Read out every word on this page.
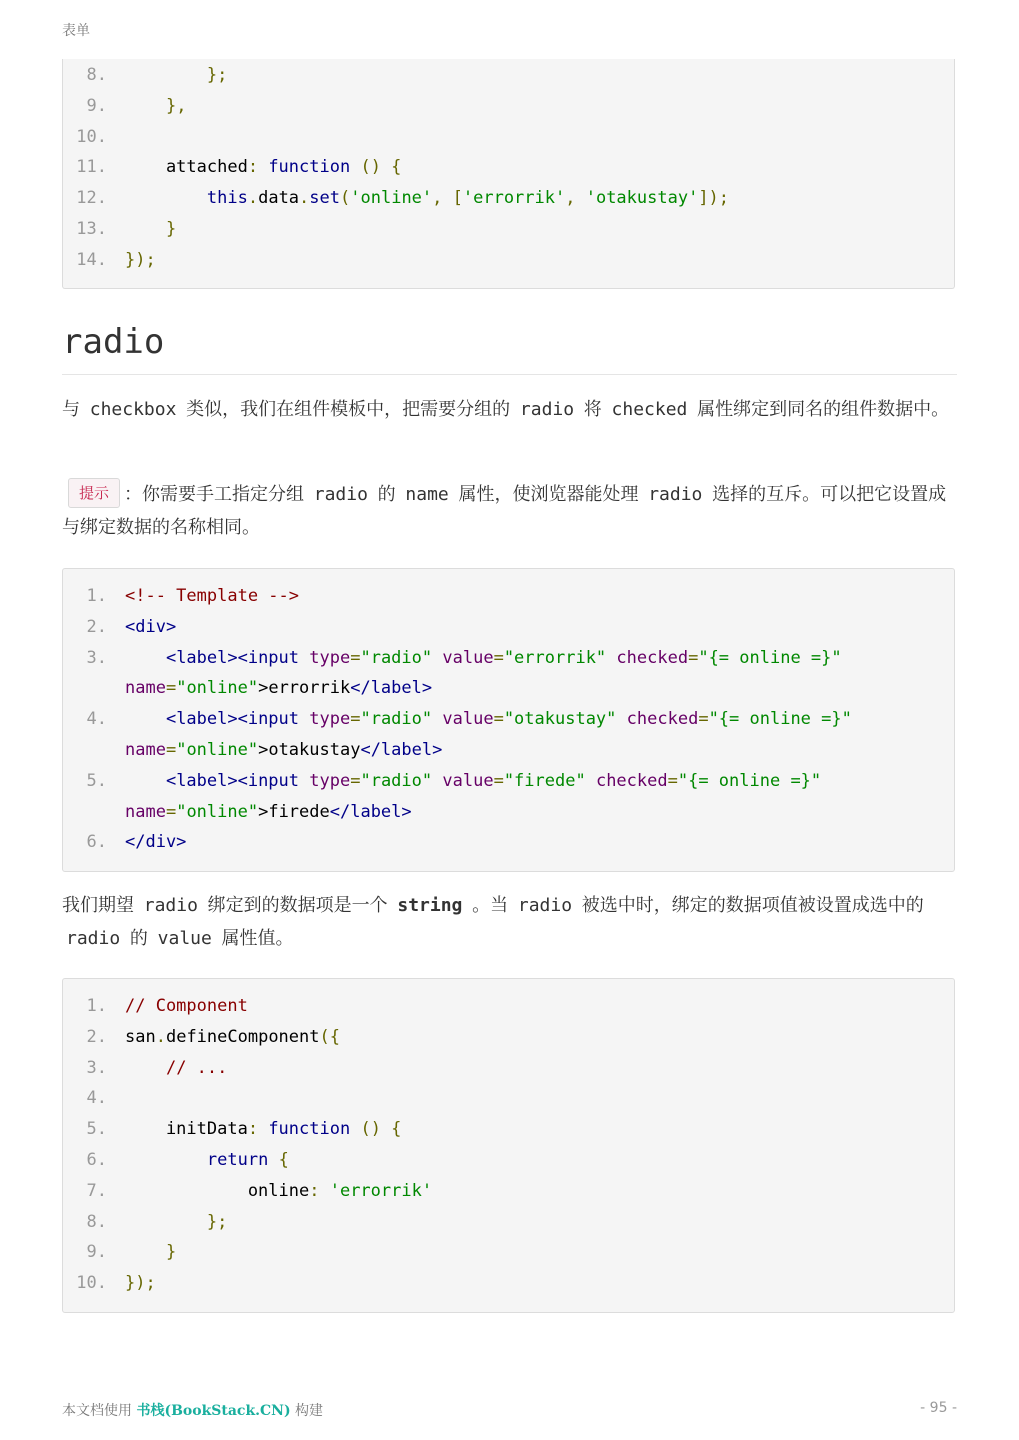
表单
8.	};
9.	},
10.
11. attached: function () {
12.	this.data.set('online', ['errorrik', 'otakustay']);
13.	}
14. });
radio

与 checkbox 类似，我们在组件模板中，把需要分组的 radio 将 checked 属性绑定到同名的组件数据中。

提示 ：你需要手工指定分组 radio 的 name 属性，使浏览器能处理 radio 选择的互斥。可以把它设置成与绑定数据的名称相同。

1. <!-- Template -->
2. <div>
3.	<label><input type="radio" value="errorrik" checked="{= online =}"
name="online">errorrik</label>
4.	<label><input type="radio" value="otakustay" checked="{= online =}"
name="online">otakustay</label>
5.	<label><input type="radio" value="firede" checked="{= online =}"
name="online">firede</label>
6. </div>

我们期望 radio 绑定到的数据项是一个 string 。当 radio 被选中时，绑定的数据项值被设置成选中的 radio 的 value 属性值。

1. // Component
2. san.defineComponent({
3.	// ...
4.
5. initData: function () {
6.	return {
7. online: 'errorrik'
8.	};
9.	}
10. });
本文档使用 书栈(BookStack.CN) 构建	- 95 -
